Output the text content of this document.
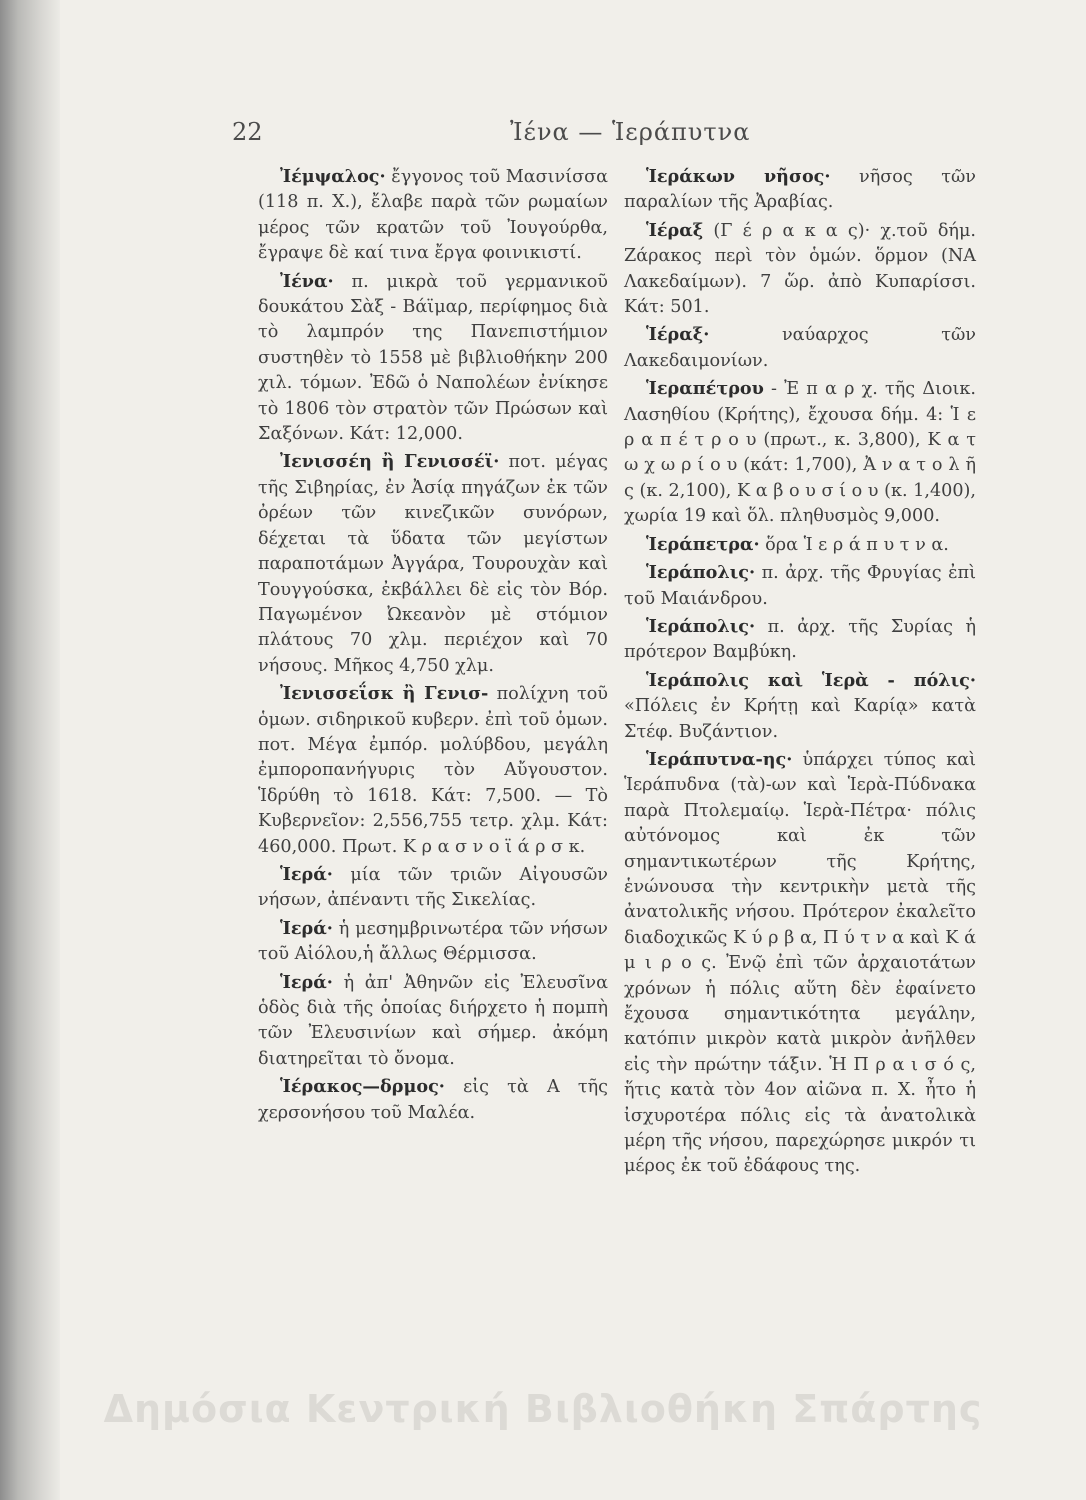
22	Ἰένα — Ἱεράπυτνα

Ἰέμψαλος· ἔγγονος τοῦ Μασινίσσα (118 π. Χ.), ἔλαβε παρὰ τῶν ρωμαίων μέρος τῶν κρατῶν τοῦ Ἰουγούρθα, ἔγραψε δὲ καί τινα ἔργα φοινικιστί.

Ἰένα· π. μικρὰ τοῦ γερμανικοῦ δουκάτου Σὰξ - Βάϊμαρ, περίφημος διὰ τὸ λαμπρόν της Πανεπιστήμιον συστηθὲν τὸ 1558 μὲ βιβλιοθήκην 200 χιλ. τόμων. Ἐδῶ ὁ Ναπολέων ἐνίκησε τὸ 1806 τὸν στρατὸν τῶν Πρώσων καὶ Σαξόνων. Κάτ: 12,000.

Ἰενισσέη ἢ Γενισσέϊ· ποτ. μέγας τῆς Σιβηρίας, ἐν Ἀσίᾳ πηγάζων ἐκ τῶν ὀρέων τῶν κινεζικῶν συνόρων, δέχεται τὰ ὕδατα τῶν μεγίστων παραποτάμων Ἀγγάρα, Τουρουχὰν καὶ Τουγγούσκα, ἐκβάλλει δὲ εἰς τὸν Βόρ. Παγωμένον Ὠκεανὸν μὲ στόμιον πλάτους 70 χλμ. περιέχον καὶ 70 νήσους. Μῆκος 4,750 χλμ.

Ἰενισσεΐσκ ἢ Γενισ- πολίχνη τοῦ ὁμων. σιδηρικοῦ κυβερν. ἐπὶ τοῦ ὁμων. ποτ. Μέγα ἐμπόρ. μολύβδου, μεγάλη ἐμποροπανήγυρις τὸν Αὔγουστον. Ἱδρύθη τὸ 1618. Κάτ: 7,500. — Τὸ Κυβερνεῖον: 2,556,755 τετρ. χλμ. Κάτ: 460,000. Πρωτ. Κ ρ α σ ν ο ϊ ά ρ σ κ.

Ἱερά· μία τῶν τριῶν Αἰγουσῶν νήσων, ἀπέναντι τῆς Σικελίας.

Ἱερά· ἡ μεσημβρινωτέρα τῶν νήσων τοῦ Αἰόλου,ἡ ἄλλως Θέρμισσα.

Ἱερά· ἡ ἀπ' Ἀθηνῶν εἰς Ἐλευσῖνα ὁδὸς διὰ τῆς ὁποίας διήρχετο ἡ πομπὴ τῶν Ἐλευσινίων καὶ σήμερ. ἀκόμη διατηρεῖται τὸ ὄνομα.

Ἱέρακος—δρμος· εἰς τὰ Α τῆς χερσονήσου τοῦ Μαλέα.

Ἱεράκων νῆσος· νῆσος τῶν παραλίων τῆς Ἀραβίας.

Ἱέραξ (Γ έ ρ α κ α ς)· χ.τοῦ δήμ. Ζάρακος περὶ τὸν ὁμών. ὅρμον (ΝΑ Λακεδαίμων). 7 ὥρ. ἀπὸ Κυπαρίσσι. Κάτ: 501.

Ἱέραξ· ναύαρχος τῶν Λακεδαιμονίων.

Ἱεραπέτρου - Ἐ π α ρ χ. τῆς Διοικ. Λασηθίου (Κρήτης), ἔχουσα δήμ. 4: Ἱ ε ρ α π έ τ ρ ο υ (πρωτ., κ. 3,800), Κ α τ ω χ ω ρ ί ο υ (κάτ: 1,700), Ἀ ν α τ ο λ ῆ ς (κ. 2,100), Κ α β ο υ σ ί ο υ (κ. 1,400), χωρία 19 καὶ ὅλ. πληθυσμὸς 9,000.

Ἱεράπετρα· ὅρα Ἱ ε ρ ά π υ τ ν α.

Ἱεράπολις· π. ἀρχ. τῆς Φρυγίας ἐπὶ τοῦ Μαιάνδρου.

Ἱεράπολις· π. ἀρχ. τῆς Συρίας ἡ πρότερον Βαμβύκη.

Ἱεράπολις καὶ Ἱερὰ - πόλις· «Πόλεις ἐν Κρήτῃ καὶ Καρίᾳ» κατὰ Στέφ. Βυζάντιον.

Ἱεράπυτνα-ης· ὑπάρχει τύπος καὶ Ἱεράπυδνα (τὰ)-ων καὶ Ἱερὰ-Πύδνακα παρὰ Πτολεμαίῳ. Ἱερὰ-Πέτρα· πόλις αὐτόνομος καὶ ἐκ τῶν σημαντικωτέρων τῆς Κρήτης, ἑνώνουσα τὴν κεντρικὴν μετὰ τῆς ἀνατολικῆς νήσου. Πρότερον ἐκαλεῖτο διαδοχικῶς Κ ύ ρ β α, Π ύ τ ν α καὶ Κ ά μ ι ρ ο ς. Ἐνῷ ἐπὶ τῶν ἀρχαιοτάτων χρόνων ἡ πόλις αὕτη δὲν ἐφαίνετο ἔχουσα σημαντικότητα μεγάλην, κατόπιν μικρὸν κατὰ μικρὸν ἀνῆλθεν εἰς τὴν πρώτην τάξιν. Ἡ Π ρ α ι σ ό ς, ἥτις κατὰ τὸν 4ον αἰῶνα π. Χ. ἦτο ἡ ἰσχυροτέρα πόλις εἰς τὰ ἀνατολικὰ μέρη τῆς νήσου, παρεχώρησε μικρόν τι μέρος ἐκ τοῦ ἐδάφους της.

Δημόσια Κεντρική Βιβλιοθήκη Σπάρτης
